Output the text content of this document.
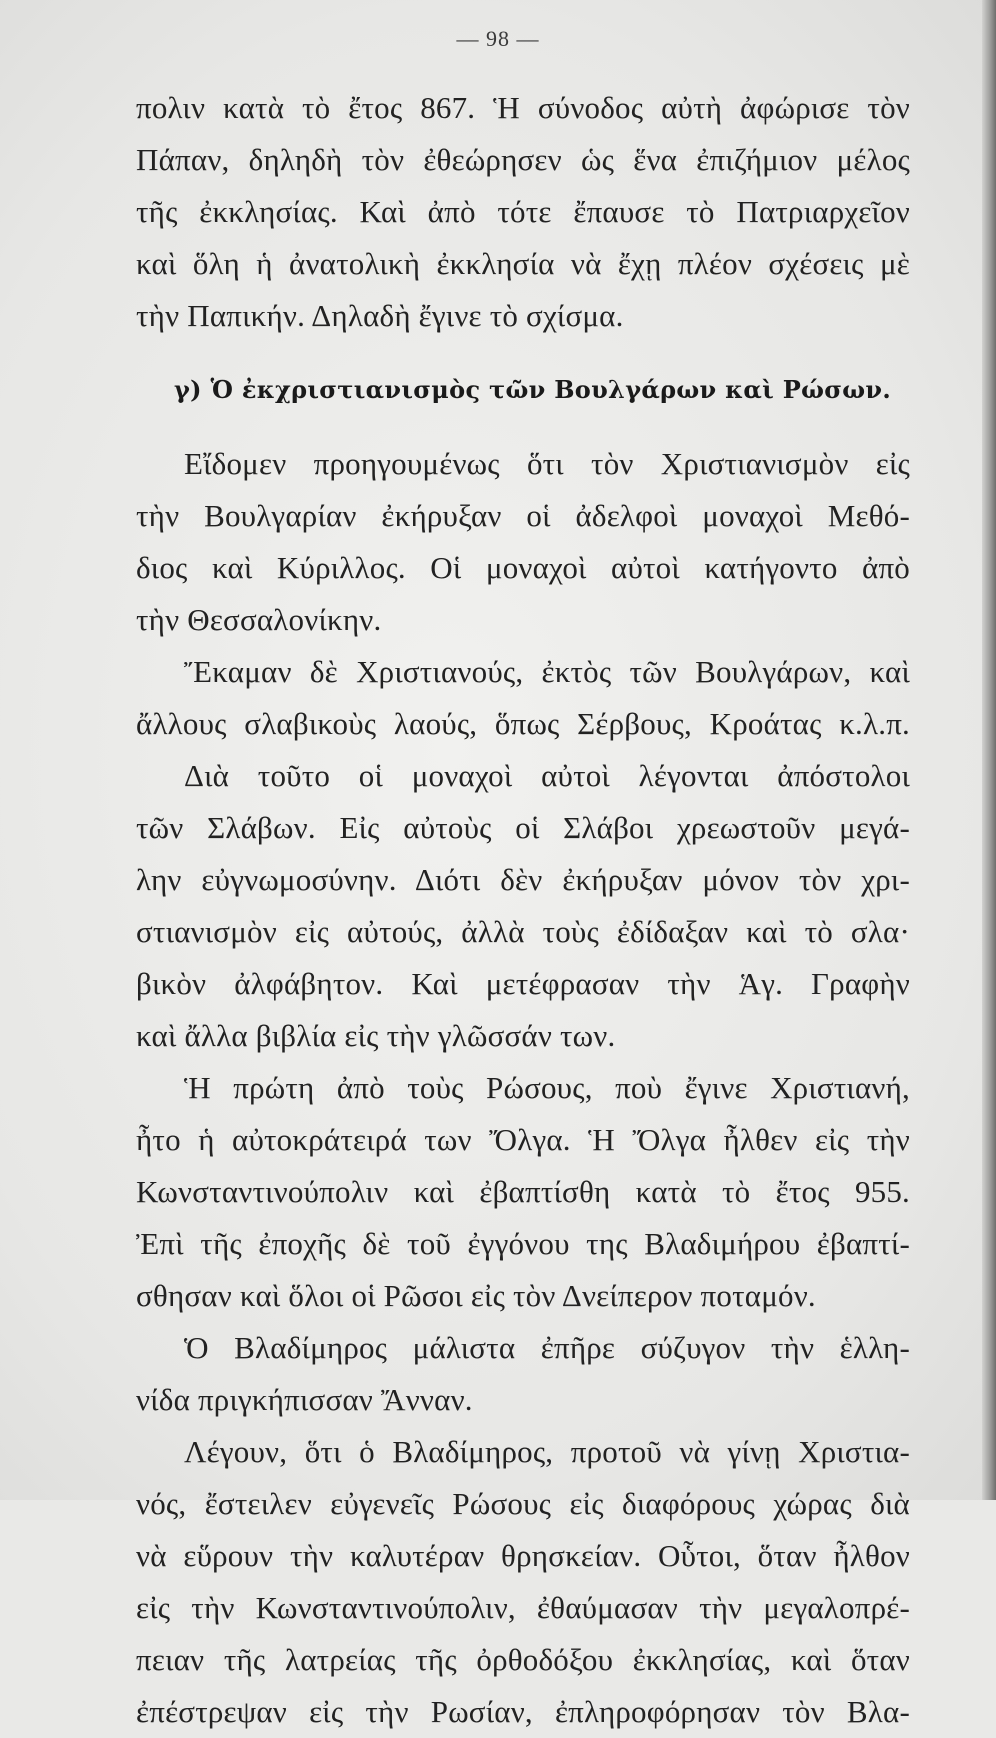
— 98 —
πολιν κατὰ τὸ ἔτος 867. Ἡ σύνοδος αὐτὴ ἀφώρισε τὸν
Πάπαν, δηληδὴ τὸν ἐθεώρησεν ὡς ἕνα ἐπιζήμιον μέλος
τῆς ἐκκλησίας. Καὶ ἀπὸ τότε ἔπαυσε τὸ Πατριαρχεῖον
καὶ ὅλη ἡ ἀνατολικὴ ἐκκλησία νὰ ἔχῃ πλέον σχέσεις μὲ
τὴν Παπικήν. Δηλαδὴ ἔγινε τὸ σχίσμα.
γ) Ὁ ἐκχριστιανισμὸς τῶν Βουλγάρων καὶ Ρώσων.
Εἴδομεν προηγουμένως ὅτι τὸν Χριστιανισμὸν εἰς
τὴν Βουλγαρίαν ἐκήρυξαν οἱ ἀδελφοὶ μοναχοὶ Μεθό-
διος καὶ Κύριλλος. Οἱ μοναχοὶ αὐτοὶ κατήγοντο ἀπὸ
τὴν Θεσσαλονίκην.
Ἔκαμαν δὲ Χριστιανούς, ἐκτὸς τῶν Βουλγάρων, καὶ
ἄλλους σλαβικοὺς λαούς, ὅπως Σέρβους, Κροάτας κ.λ.π.
Διὰ τοῦτο οἱ μοναχοὶ αὐτοὶ λέγονται ἀπόστολοι
τῶν Σλάβων. Εἰς αὐτοὺς οἱ Σλάβοι χρεωστοῦν μεγά-
λην εὐγνωμοσύνην. Διότι δὲν ἐκήρυξαν μόνον τὸν χρι-
στιανισμὸν εἰς αὐτούς, ἀλλὰ τοὺς ἐδίδαξαν καὶ τὸ σλα·
βικὸν ἀλφάβητον. Καὶ μετέφρασαν τὴν Ἁγ. Γραφὴν
καὶ ἄλλα βιβλία εἰς τὴν γλῶσσάν των.
Ἡ πρώτη ἀπὸ τοὺς Ρώσους, ποὺ ἔγινε Χριστιανή,
ἦτο ἡ αὐτοκράτειρά των Ὄλγα. Ἡ Ὄλγα ἦλθεν εἰς τὴν
Κωνσταντινούπολιν καὶ ἐβαπτίσθη κατὰ τὸ ἔτος 955.
Ἐπὶ τῆς ἐποχῆς δὲ τοῦ ἐγγόνου της Βλαδιμήρου ἐβαπτί-
σθησαν καὶ ὅλοι οἱ Ρῶσοι εἰς τὸν Δνείπερον ποταμόν.
Ὁ Βλαδίμηρος μάλιστα ἐπῆρε σύζυγον τὴν ἑλλη-
νίδα πριγκήπισσαν Ἄνναν.
Λέγουν, ὅτι ὁ Βλαδίμηρος, προτοῦ νὰ γίνῃ Χριστια-
νός, ἔστειλεν εὐγενεῖς Ρώσους εἰς διαφόρους χώρας διὰ
νὰ εὕρουν τὴν καλυτέραν θρησκείαν. Οὗτοι, ὅταν ἦλθον
εἰς τὴν Κωνσταντινούπολιν, ἐθαύμασαν τὴν μεγαλοπρέ-
πειαν τῆς λατρείας τῆς ὀρθοδόξου ἐκκλησίας, καὶ ὅταν
ἐπέστρεψαν εἰς τὴν Ρωσίαν, ἐπληροφόρησαν τὸν Βλα-
